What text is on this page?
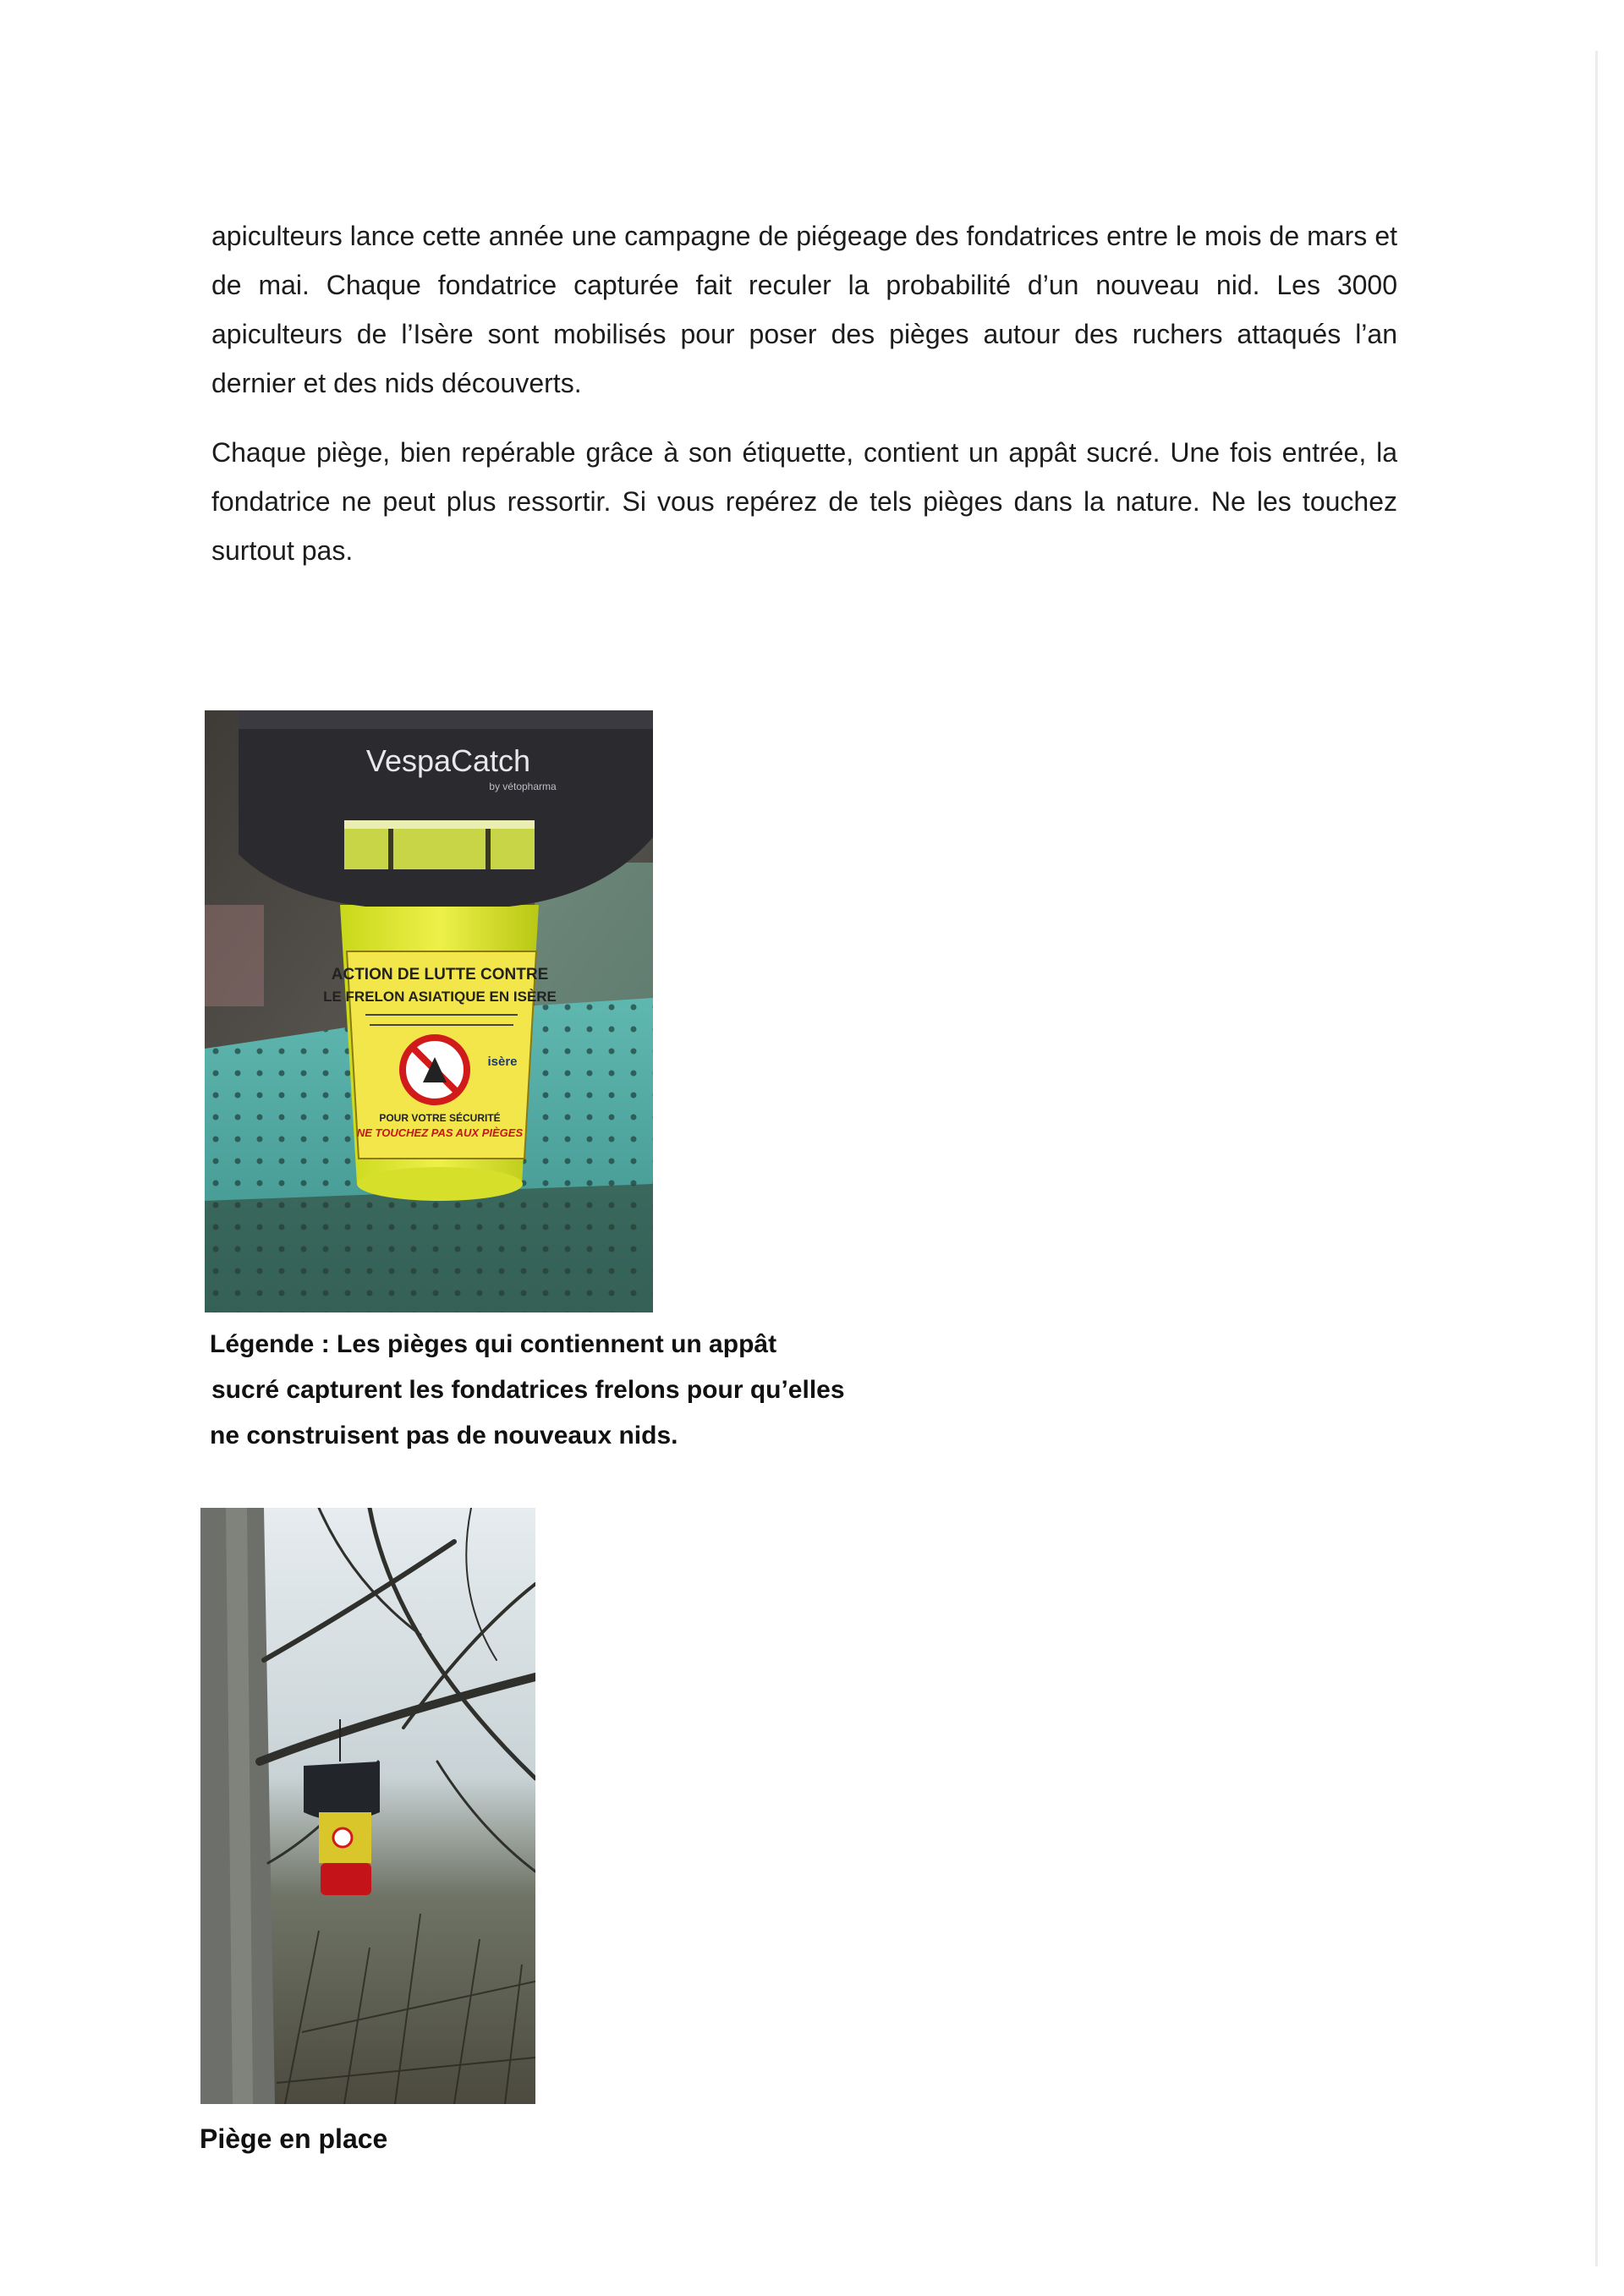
apiculteurs lance cette année une campagne de piégeage des fondatrices entre le mois de mars et de mai. Chaque fondatrice capturée fait reculer la probabilité d’un nouveau nid. Les 3000 apiculteurs de l’Isère sont mobilisés pour poser des pièges autour des ruchers attaqués l’an dernier et des nids découverts.

Chaque piège, bien repérable grâce à son étiquette, contient un appât sucré. Une fois entrée, la fondatrice ne peut plus ressortir. Si vous repérez de tels pièges dans la nature. Ne les touchez surtout pas.

ACTION DE LUTTE CONTRE
LE FRELON ASIATIQUE EN ISÈRE
isère
POUR VOTRE SÉCURITÉ
NE TOUCHEZ PAS AUX PIÈGES
VespaCatch
by vétopharma

Légende : Les pièges qui contiennent un appât
sucré capturent les fondatrices frelons pour qu’elles
ne construisent pas de nouveaux nids.

Piège en place
